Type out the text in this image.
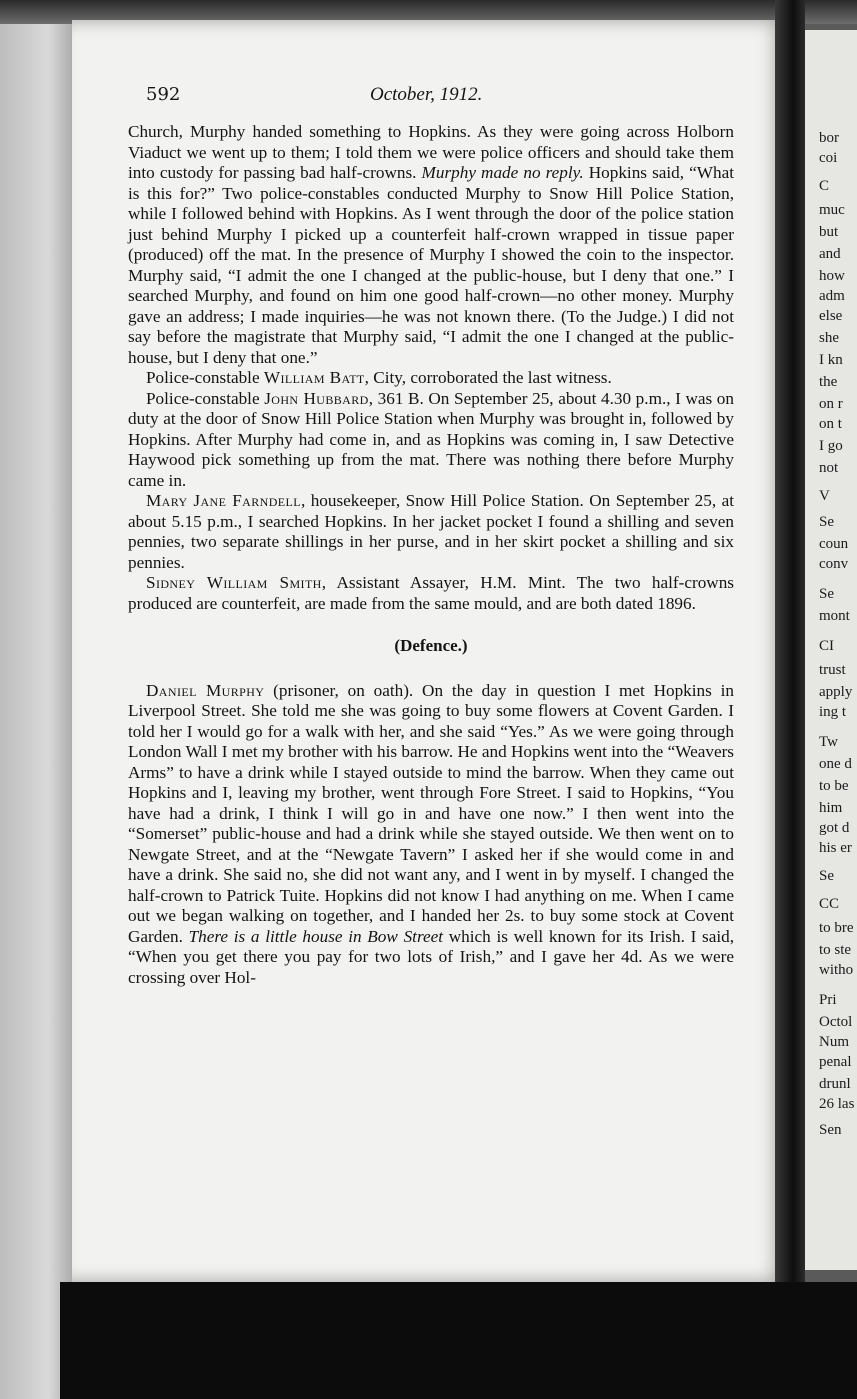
592	October, 1912.

Church, Murphy handed something to Hopkins. As they were going across Holborn Viaduct we went up to them; I told them we were police officers and should take them into custody for passing bad half-crowns. Murphy made no reply. Hopkins said, “What is this for?” Two police-constables conducted Murphy to Snow Hill Police Station, while I followed behind with Hopkins. As I went through the door of the police station just behind Murphy I picked up a counterfeit half-crown wrapped in tissue paper (produced) off the mat. In the presence of Murphy I showed the coin to the inspector. Murphy said, “I admit the one I changed at the public-house, but I deny that one.” I searched Murphy, and found on him one good half-crown—no other money. Murphy gave an address; I made inquiries—he was not known there. (To the Judge.) I did not say before the magistrate that Murphy said, “I admit the one I changed at the public-house, but I deny that one.”

Police-constable William Batt, City, corroborated the last witness.

Police-constable John Hubbard, 361 B. On September 25, about 4.30 p.m., I was on duty at the door of Snow Hill Police Station when Murphy was brought in, followed by Hopkins. After Murphy had come in, and as Hopkins was coming in, I saw Detective Haywood pick something up from the mat. There was nothing there before Murphy came in.

Mary Jane Farndell, housekeeper, Snow Hill Police Station. On September 25, at about 5.15 p.m., I searched Hopkins. In her jacket pocket I found a shilling and seven pennies, two separate shillings in her purse, and in her skirt pocket a shilling and six pennies.

Sidney William Smith, Assistant Assayer, H.M. Mint. The two half-crowns produced are counterfeit, are made from the same mould, and are both dated 1896.

(Defence.)

Daniel Murphy (prisoner, on oath). On the day in question I met Hopkins in Liverpool Street. She told me she was going to buy some flowers at Covent Garden. I told her I would go for a walk with her, and she said “Yes.” As we were going through London Wall I met my brother with his barrow. He and Hopkins went into the “Weavers Arms” to have a drink while I stayed outside to mind the barrow. When they came out Hopkins and I, leaving my brother, went through Fore Street. I said to Hopkins, “You have had a drink, I think I will go in and have one now.” I then went into the “Somerset” public-house and had a drink while she stayed outside. We then went on to Newgate Street, and at the “Newgate Tavern” I asked her if she would come in and have a drink. She said no, she did not want any, and I went in by myself. I changed the half-crown to Patrick Tuite. Hopkins did not know I had anything on me. When I came out we began walking on together, and I handed her 2s. to buy some stock at Covent Garden. There is a little house in Bow Street which is well known for its Irish. I said, “When you get there you pay for two lots of Irish,” and I gave her 4d. As we were crossing over Hol-

bor
coi
C
muc
but
and
how
adm
else
she
I kn
the
on r
on t
I go
not
V
Se
coun
conv
Se
mont
CI
trust
apply
ing t
Tw
one d
to be
him
got d
his er
Se
CC
to bre
to ste
witho
Pri
Octol
Num
penal
drunl
26 las
Sen
